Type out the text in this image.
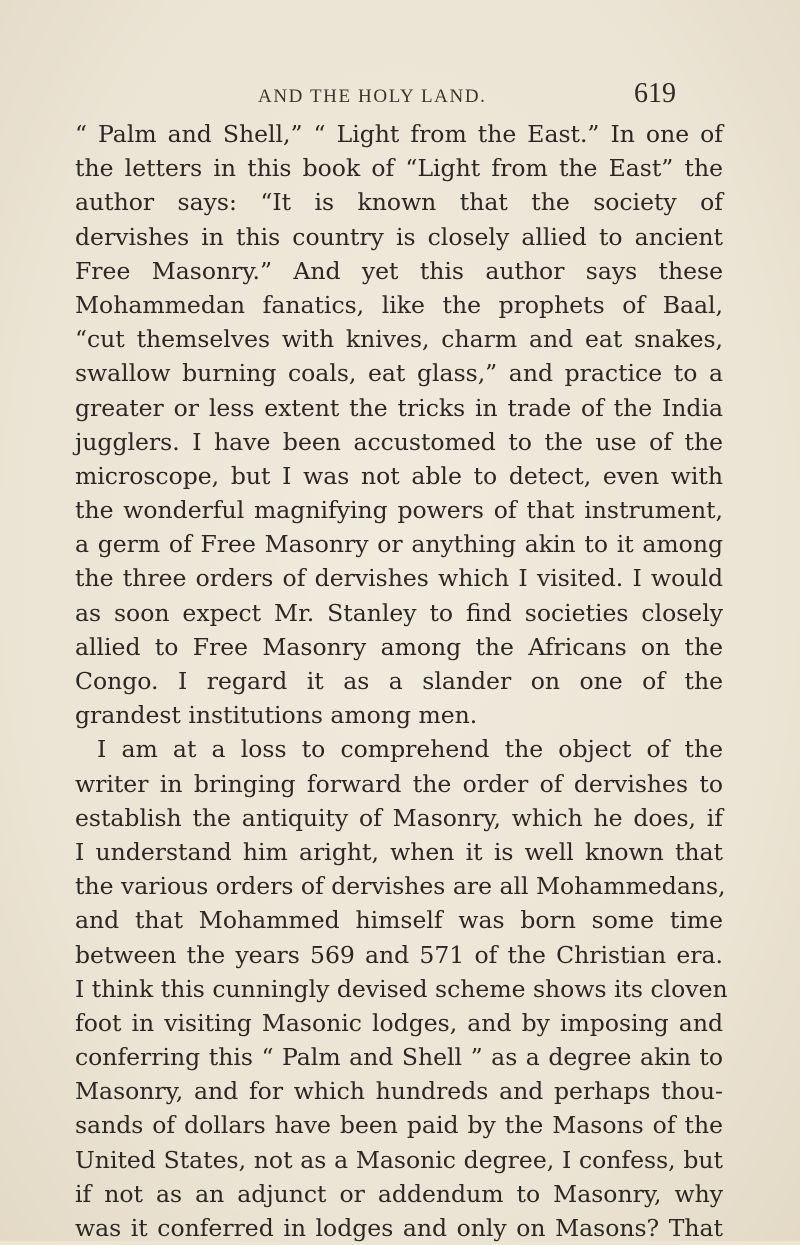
AND THE HOLY LAND.	619
“ Palm and Shell,” “ Light from the East.” In one of
the letters in this book of “Light from the East” the
author says: “It is known that the society of
dervishes in this country is closely allied to ancient
Free Masonry.” And yet this author says these
Mohammedan fanatics, like the prophets of Baal,
“cut themselves with knives, charm and eat snakes,
swallow burning coals, eat glass,” and practice to a
greater or less extent the tricks in trade of the India
jugglers. I have been accustomed to the use of the
microscope, but I was not able to detect, even with
the wonderful magnifying powers of that instrument,
a germ of Free Masonry or anything akin to it among
the three orders of dervishes which I visited. I would
as soon expect Mr. Stanley to find societies closely
allied to Free Masonry among the Africans on the
Congo. I regard it as a slander on one of the
grandest institutions among men.
I am at a loss to comprehend the object of the
writer in bringing forward the order of dervishes to
establish the antiquity of Masonry, which he does, if
I understand him aright, when it is well known that
the various orders of dervishes are all Mohammedans,
and that Mohammed himself was born some time
between the years 569 and 571 of the Christian era.
I think this cunningly devised scheme shows its cloven
foot in visiting Masonic lodges, and by imposing and
conferring this “ Palm and Shell ” as a degree akin to
Masonry, and for which hundreds and perhaps thou-
sands of dollars have been paid by the Masons of the
United States, not as a Masonic degree, I confess, but
if not as an adjunct or addendum to Masonry, why
was it conferred in lodges and only on Masons? That
